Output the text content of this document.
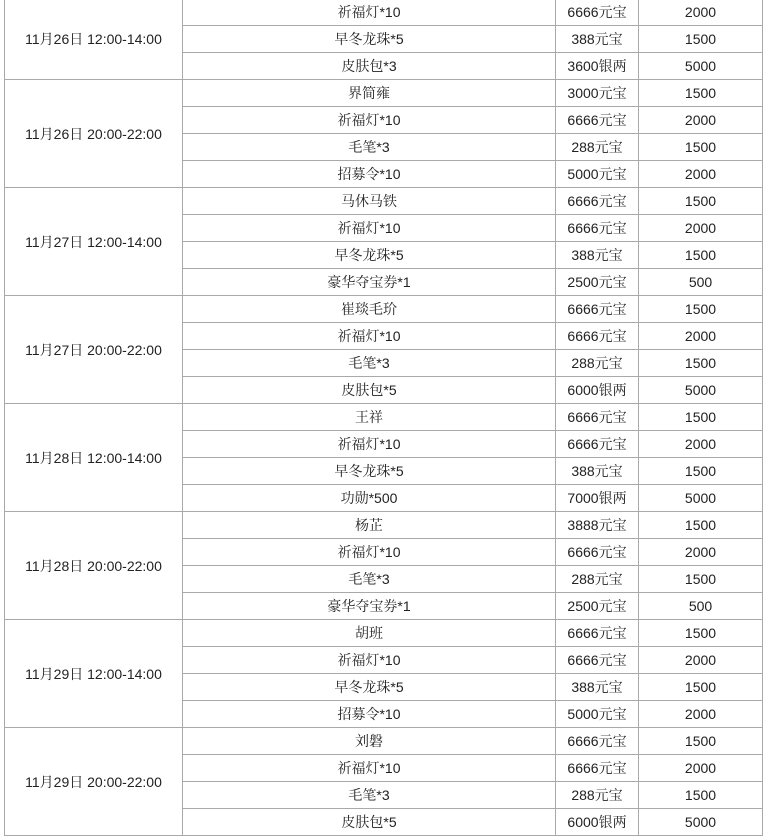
11月26日 12:00-14:00	祈福灯*10	6666元宝	2000
	早冬龙珠*5	388元宝	1500
	皮肤包*3	3600银两	5000
11月26日 20:00-22:00	界简雍	3000元宝	1500
	祈福灯*10	6666元宝	2000
	毛笔*3	288元宝	1500
	招募令*10	5000元宝	2000
11月27日 12:00-14:00	马休马铁	6666元宝	1500
	祈福灯*10	6666元宝	2000
	早冬龙珠*5	388元宝	1500
	豪华夺宝券*1	2500元宝	500
11月27日 20:00-22:00	崔琰毛玠	6666元宝	1500
	祈福灯*10	6666元宝	2000
	毛笔*3	288元宝	1500
	皮肤包*5	6000银两	5000
11月28日 12:00-14:00	王祥	6666元宝	1500
	祈福灯*10	6666元宝	2000
	早冬龙珠*5	388元宝	1500
	功勋*500	7000银两	5000
11月28日 20:00-22:00	杨芷	3888元宝	1500
	祈福灯*10	6666元宝	2000
	毛笔*3	288元宝	1500
	豪华夺宝券*1	2500元宝	500
11月29日 12:00-14:00	胡班	6666元宝	1500
	祈福灯*10	6666元宝	2000
	早冬龙珠*5	388元宝	1500
	招募令*10	5000元宝	2000
11月29日 20:00-22:00	刘磐	6666元宝	1500
	祈福灯*10	6666元宝	2000
	毛笔*3	288元宝	1500
	皮肤包*5	6000银两	5000
